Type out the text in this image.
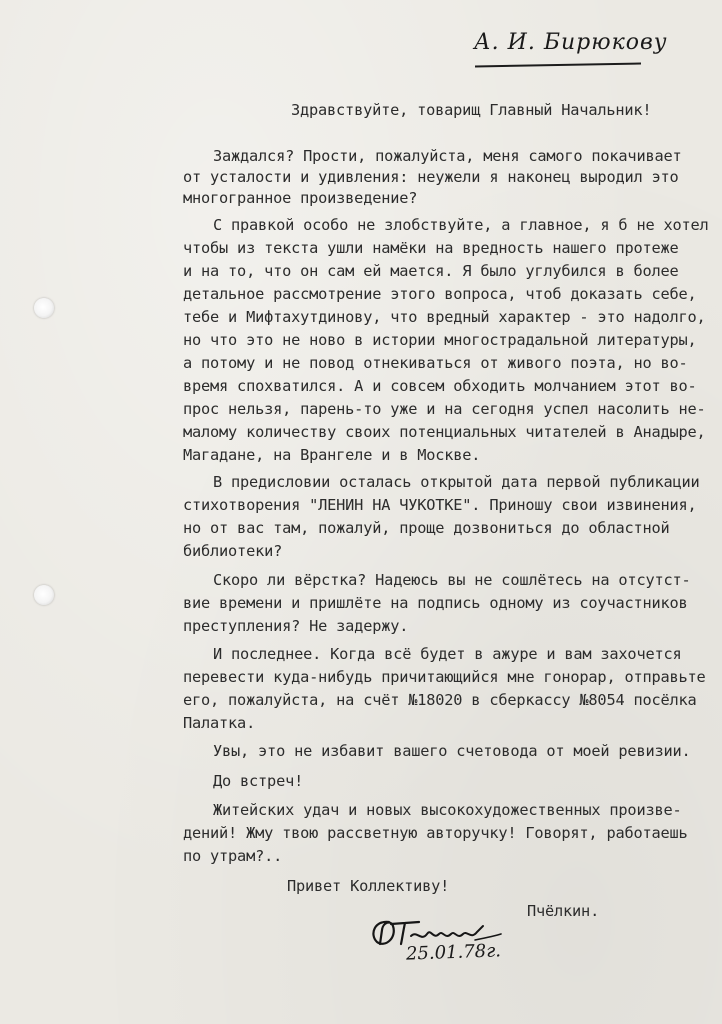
А. И. Бирюкову
Здравствуйте, товарищ Главный Начальник!
Заждался? Прости, пожалуйста, меня самого покачивает
от усталости и удивления: неужели я наконец выродил это
многогранное произведение?
С правкой особо не злобствуйте, а главное, я б не хотел
чтобы из текста ушли намёки на вредность нашего протеже
и на то, что он сам ей мается. Я было углубился в более
детальное рассмотрение этого вопроса, чтоб доказать себе,
тебе и Мифтахутдинову, что вредный характер - это надолго,
но что это не ново в истории многострадальной литературы,
а потому и не повод отнекиваться от живого поэта, но во-
время спохватился. А и совсем обходить молчанием этот во-
прос нельзя, парень-то уже и на сегодня успел насолить не-
малому количеству своих потенциальных читателей в Анадыре,
Магадане, на Врангеле и в Москве.
В предисловии осталась открытой дата первой публикации
стихотворения "ЛЕНИН НА ЧУКОТКЕ". Приношу свои извинения,
но от вас там, пожалуй, проще дозвониться до областной
библиотеки?
Скоро ли вёрстка? Надеюсь вы не сошлётесь на отсутст-
вие времени и пришлёте на подпись одному из соучастников
преступления? Не задержу.
И последнее. Когда всё будет в ажуре и вам захочется
перевести куда-нибудь причитающийся мне гонорар, отправьте
его, пожалуйста, на счёт №18020 в сберкассу №8054 посёлка
Палатка.
Увы, это не избавит вашего счетовода от моей ревизии.
До встреч!
Житейских удач и новых высокохудожественных произве-
дений! Жму твою рассветную авторучку! Говорят, работаешь
по утрам?..
Привет Коллективу!
Пчёлкин.
25.01.78г.
